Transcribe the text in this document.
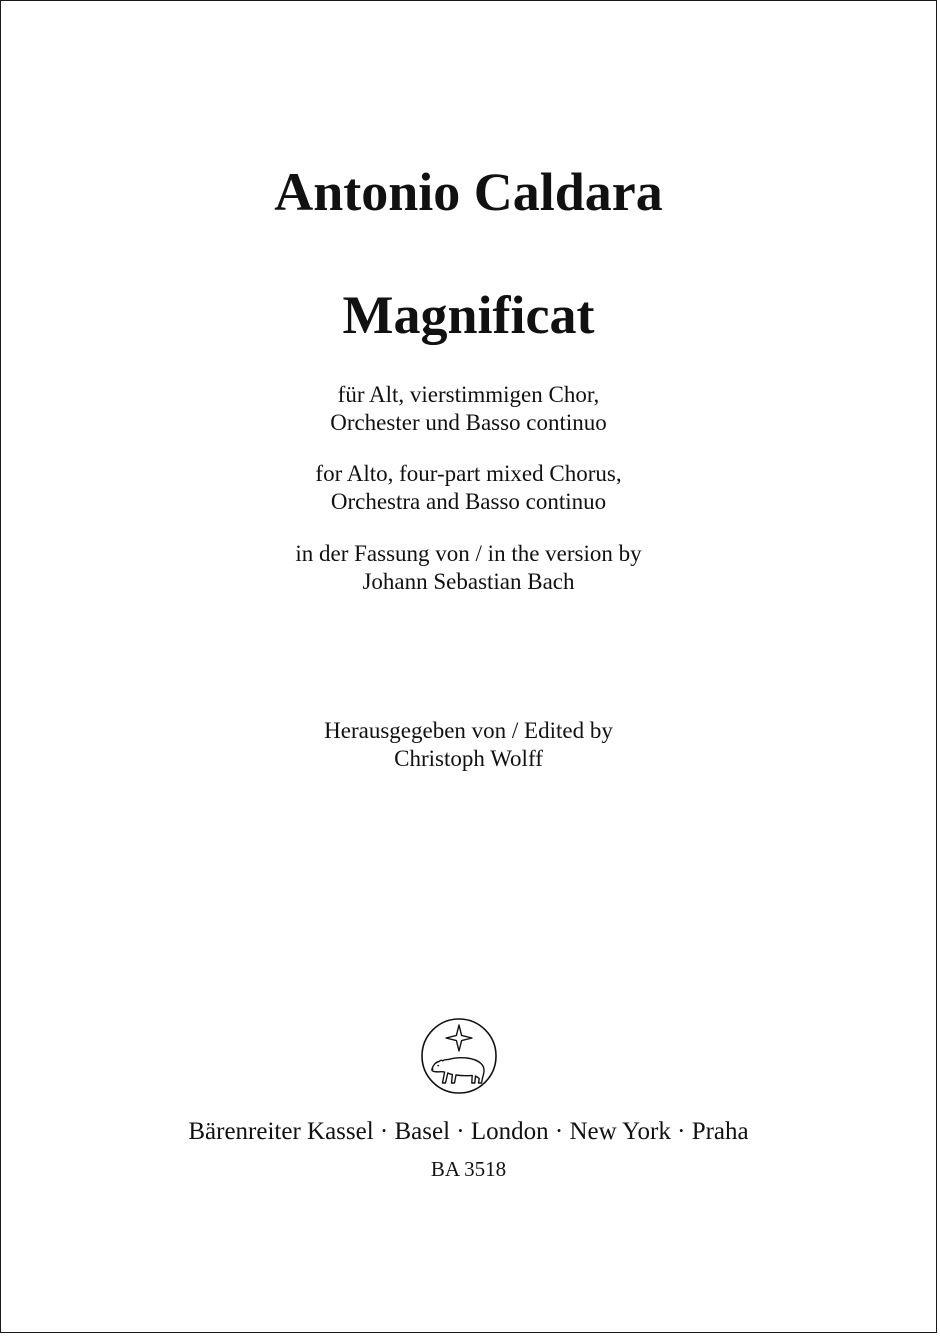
Antonio Caldara
Magnificat

für Alt, vierstimmigen Chor,

Orchester und Basso continuo

for Alto, four-part mixed Chorus,

Orchestra and Basso continuo

in der Fassung von / in the version by

Johann Sebastian Bach

Herausgegeben von / Edited by

Christoph Wolff

Bärenreiter Kassel · Basel · London · New York · Praha

BA 3518
